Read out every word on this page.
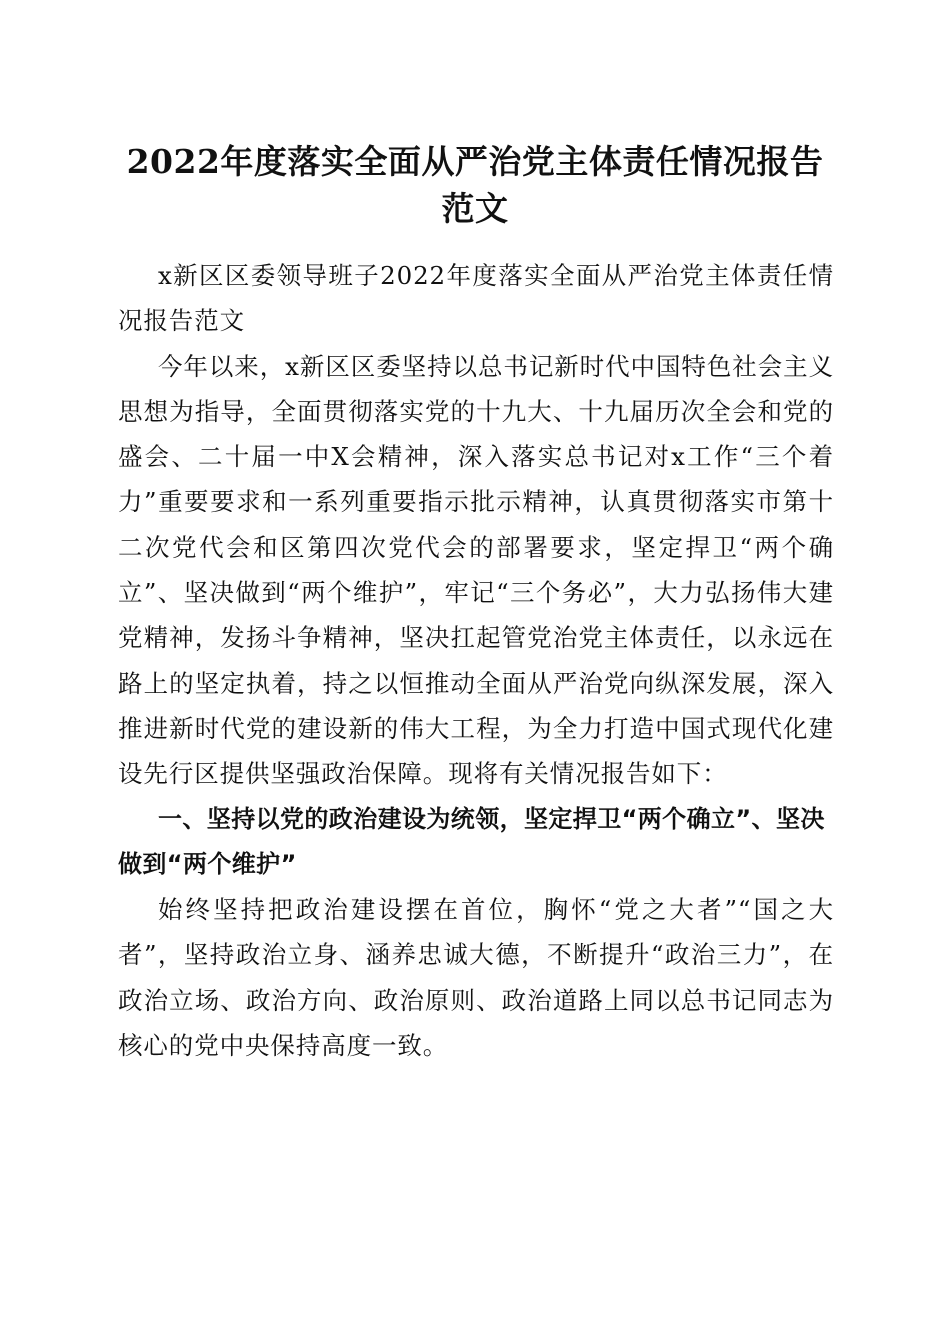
2022年度落实全面从严治党主体责任情况报告范文

x新区区委领导班子2022年度落实全面从严治党主体责任情况报告范文

今年以来，x新区区委坚持以总书记新时代中国特色社会主义思想为指导，全面贯彻落实党的十九大、十九届历次全会和党的盛会、二十届一中X会精神，深入落实总书记对x工作“三个着力”重要要求和一系列重要指示批示精神，认真贯彻落实市第十二次党代会和区第四次党代会的部署要求，坚定捍卫“两个确立”、坚决做到“两个维护”，牢记“三个务必”，大力弘扬伟大建党精神，发扬斗争精神，坚决扛起管党治党主体责任，以永远在路上的坚定执着，持之以恒推动全面从严治党向纵深发展，深入推进新时代党的建设新的伟大工程，为全力打造中国式现代化建设先行区提供坚强政治保障。现将有关情况报告如下：

一、坚持以党的政治建设为统领，坚定捍卫“两个确立”、坚决做到“两个维护”

始终坚持把政治建设摆在首位，胸怀“党之大者”“国之大者”，坚持政治立身、涵养忠诚大德，不断提升“政治三力”，在政治立场、政治方向、政治原则、政治道路上同以总书记同志为核心的党中央保持高度一致。
